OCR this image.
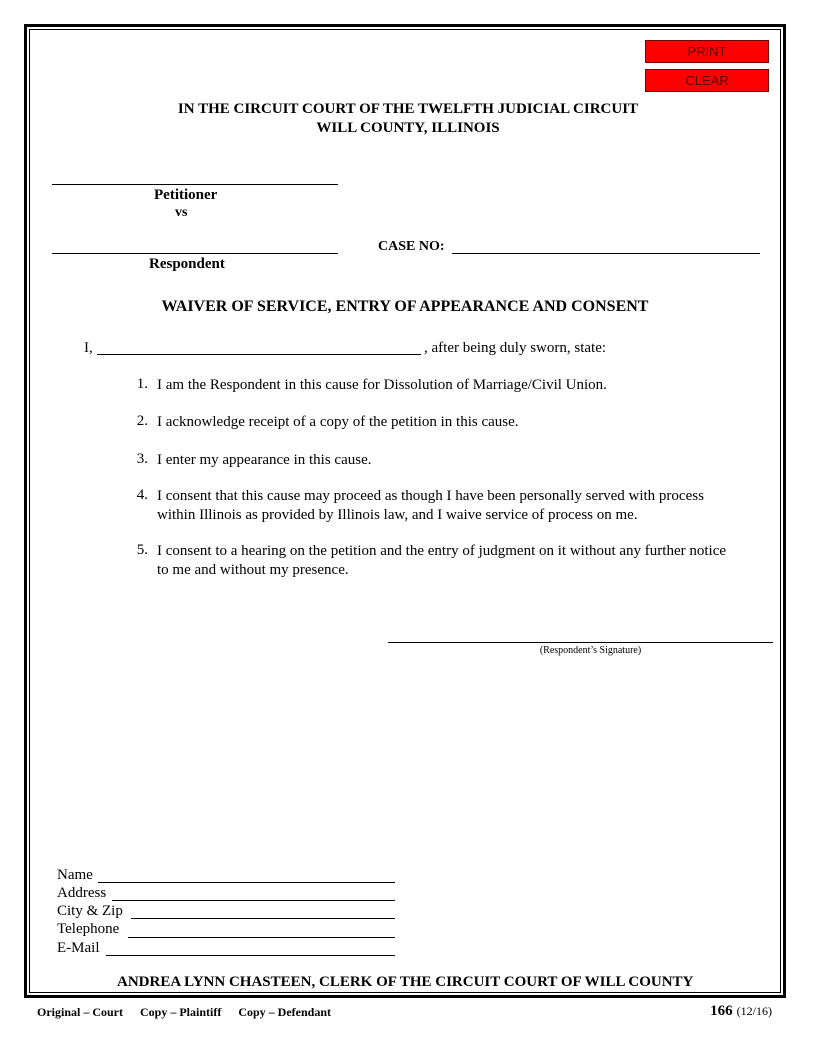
PRINT
CLEAR
IN THE CIRCUIT COURT OF THE TWELFTH JUDICIAL CIRCUIT
WILL COUNTY, ILLINOIS
Petitioner
vs
Respondent
CASE NO:
WAIVER OF SERVICE, ENTRY OF APPEARANCE AND CONSENT
I,	, after being duly sworn, state:
1. I am the Respondent in this cause for Dissolution of Marriage/Civil Union.
2. I acknowledge receipt of a copy of the petition in this cause.
3. I enter my appearance in this cause.
4. I consent that this cause may proceed as though I have been personally served with process
within Illinois as provided by Illinois law, and I waive service of process on me.
5. I consent to a hearing on the petition and the entry of judgment on it without any further notice
to me and without my presence.
(Respondent’s Signature)
Name
Address
City & Zip
Telephone
E-Mail
ANDREA LYNN CHASTEEN, CLERK OF THE CIRCUIT COURT OF WILL COUNTY
Original – Court Copy – Plaintiff Copy – Defendant	166 (12/16)
